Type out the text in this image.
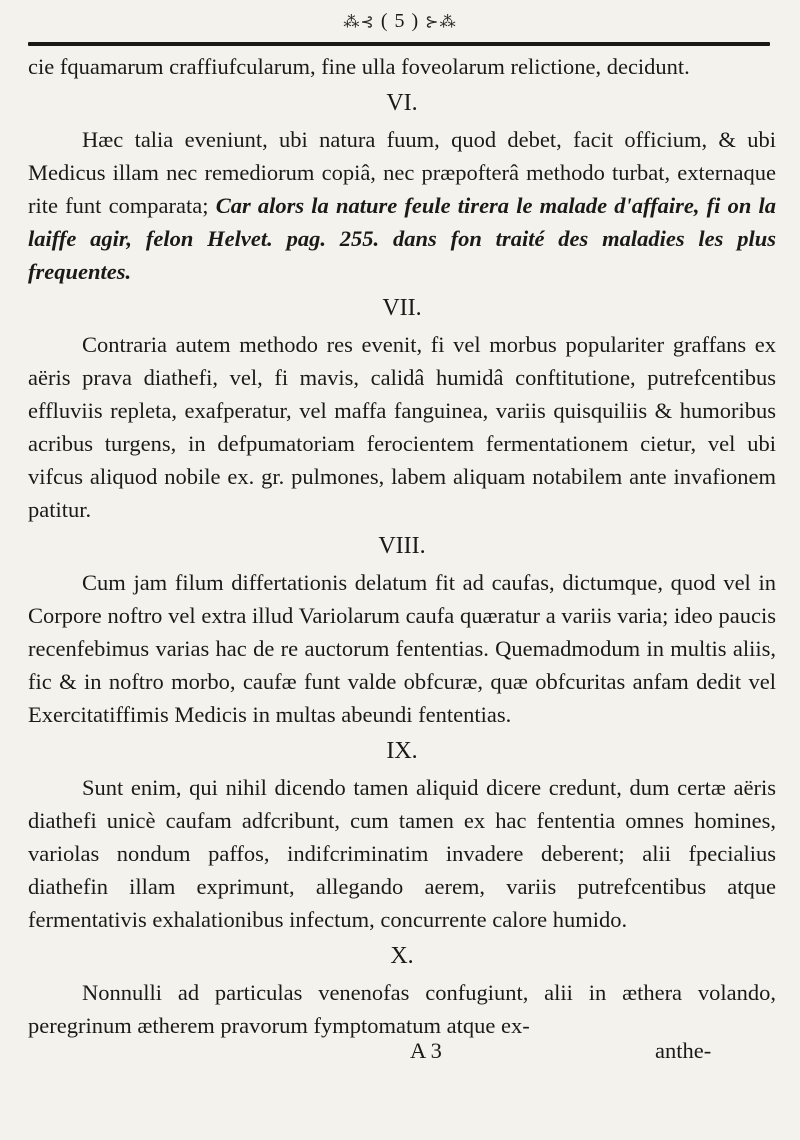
⁂⊰ ( 5 ) ⊱⁂

cie fquamarum craffiufcularum, fine ulla foveolarum relictione, decidunt.

VI.

Hæc talia eveniunt, ubi natura fuum, quod debet, facit officium, & ubi Medicus illam nec remediorum copiâ, nec præpofterâ methodo turbat, externaque rite funt comparata; Car alors la nature feule tirera le malade d'affaire, fi on la laiffe agir, felon Helvet. pag. 255. dans fon traité des maladies les plus frequentes.

VII.

Contraria autem methodo res evenit, fi vel morbus populariter graffans ex aëris prava diathefi, vel, fi mavis, calidâ humidâ conftitutione, putrefcentibus effluviis repleta, exafperatur, vel maffa fanguinea, variis quisquiliis & humoribus acribus turgens, in defpumatoriam ferocientem fermentationem cietur, vel ubi vifcus aliquod nobile ex. gr. pulmones, labem aliquam notabilem ante invafionem patitur.

VIII.

Cum jam filum differtationis delatum fit ad caufas, dictumque, quod vel in Corpore noftro vel extra illud Variolarum caufa quæratur a variis varia; ideo paucis recenfebimus varias hac de re auctorum fententias. Quemadmodum in multis aliis, fic & in noftro morbo, caufæ funt valde obfcuræ, quæ obfcuritas anfam dedit vel Exercitatiffimis Medicis in multas abeundi fententias.

IX.

Sunt enim, qui nihil dicendo tamen aliquid dicere credunt, dum certæ aëris diathefi unicè caufam adfcribunt, cum tamen ex hac fententia omnes homines, variolas nondum paffos, indifcriminatim invadere deberent; alii fpecialius diathefin illam exprimunt, allegando aerem, variis putrefcentibus atque fermentativis exhalationibus infectum, concurrente calore humido.

X.

Nonnulli ad particulas venenofas confugiunt, alii in æthera volando, peregrinum ætherem pravorum fymptomatum atque ex-

A 3	anthe-
